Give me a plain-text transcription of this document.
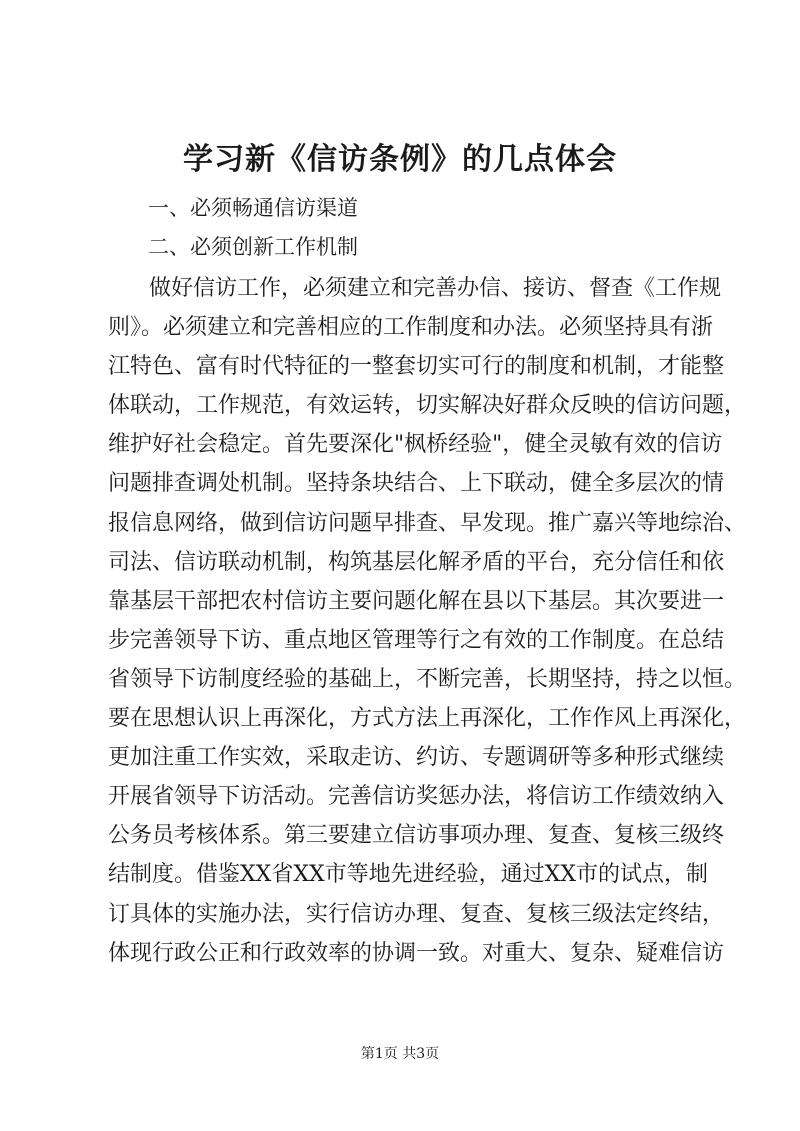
学习新《信访条例》的几点体会
一、必须畅通信访渠道
二、必须创新工作机制
做好信访工作，必须建立和完善办信、接访、督查《工作规
则》。必须建立和完善相应的工作制度和办法。必须坚持具有浙
江特色、富有时代特征的一整套切实可行的制度和机制，才能整
体联动，工作规范，有效运转，切实解决好群众反映的信访问题，
维护好社会稳定。首先要深化"枫桥经验"，健全灵敏有效的信访
问题排查调处机制。坚持条块结合、上下联动，健全多层次的情
报信息网络，做到信访问题早排查、早发现。推广嘉兴等地综治、
司法、信访联动机制，构筑基层化解矛盾的平台，充分信任和依
靠基层干部把农村信访主要问题化解在县以下基层。其次要进一
步完善领导下访、重点地区管理等行之有效的工作制度。在总结
省领导下访制度经验的基础上，不断完善，长期坚持，持之以恒。
要在思想认识上再深化，方式方法上再深化，工作作风上再深化，
更加注重工作实效，采取走访、约访、专题调研等多种形式继续
开展省领导下访活动。完善信访奖惩办法，将信访工作绩效纳入
公务员考核体系。第三要建立信访事项办理、复查、复核三级终
结制度。借鉴XX省XX市等地先进经验，通过XX市的试点，制
订具体的实施办法，实行信访办理、复查、复核三级法定终结，
体现行政公正和行政效率的协调一致。对重大、复杂、疑难信访
第1页 共3页
